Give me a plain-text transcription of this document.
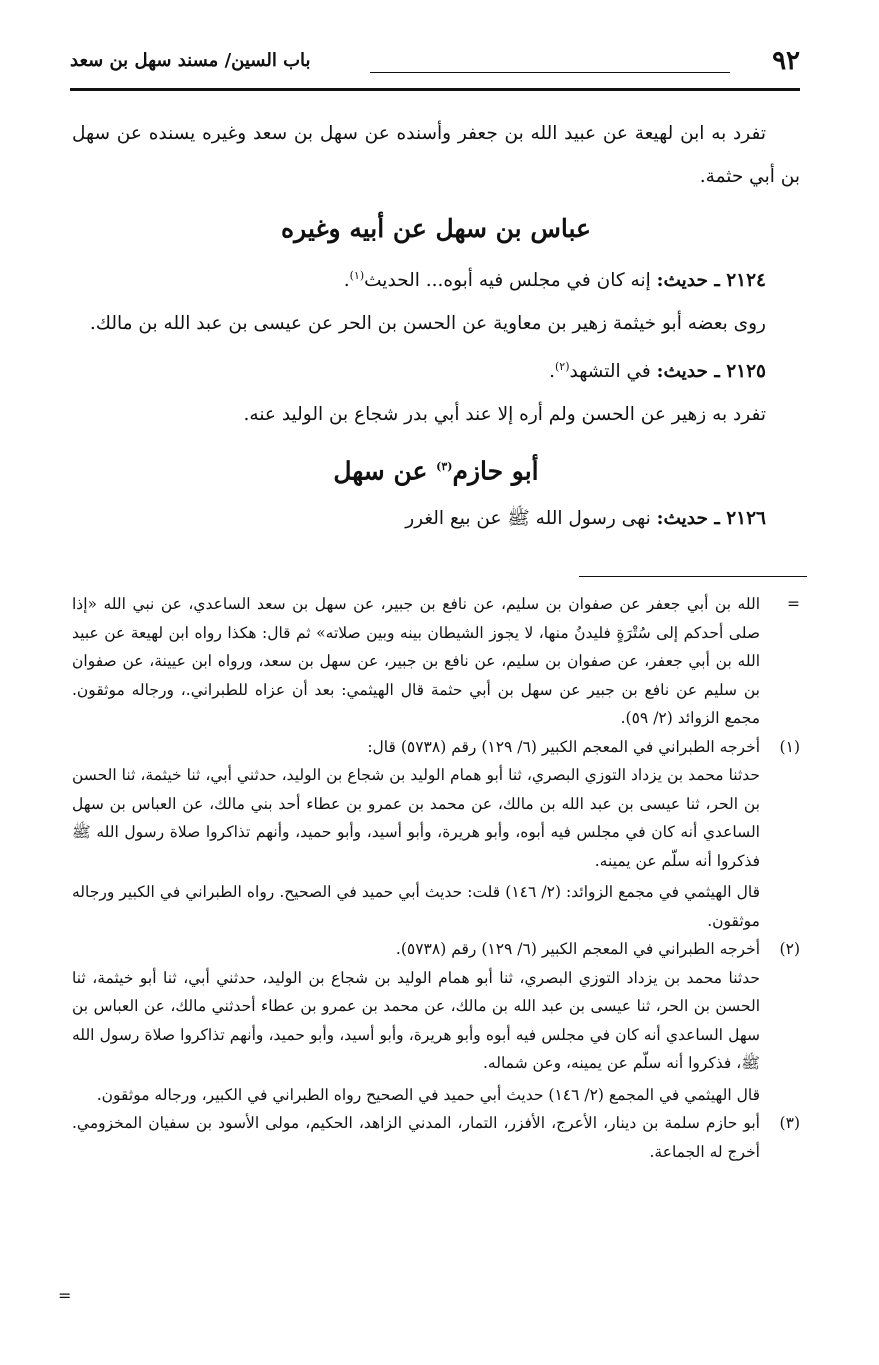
٩٢
باب السين/ مسند سهل بن سعد

تفرد به ابن لهيعة عن عبيد الله بن جعفر وأسنده عن سهل بن سعد وغيره يسنده عن سهل بن أبي حثمة.

عباس بن سهل عن أبيه وغيره

٢١٢٤ ـ حديث: إنه كان في مجلس فيه أبوه... الحديث$^{(١)}$.

روى بعضه أبو خيثمة زهير بن معاوية عن الحسن بن الحر عن عيسى بن عبد الله بن مالك.

٢١٢٥ ـ حديث: في التشهد$^{(٢)}$.

تفرد به زهير عن الحسن ولم أره إلا عند أبي بدر شجاع بن الوليد عنه.

أبو حازم$^{(٣)}$ عن سهل

٢١٢٦ ـ حديث: نهى رسول الله ﷺ عن بيع الغرر

=

الله بن أبي جعفر عن صفوان بن سليم، عن نافع بن جبير، عن سهل بن سعد الساعدي، عن نبي الله «إذا صلى أحدكم إلى سُتْرَةٍ فليدنُ منها، لا يجوز الشيطان بينه وبين صلاته» ثم قال: هكذا رواه ابن لهيعة عن عبيد الله بن أبي جعفر، عن صفوان بن سليم، عن نافع بن جبير، عن سهل بن سعد، ورواه ابن عيينة، عن صفوان بن سليم عن نافع بن جبير عن سهل بن أبي حثمة قال الهيثمي: بعد أن عزاه للطبراني.، ورجاله موثقون. مجمع الزوائد (٢/ ٥٩).

(١)

أخرجه الطبراني في المعجم الكبير (٦/ ١٢٩) رقم (٥٧٣٨) قال:

حدثنا محمد بن يزداد التوزي البصري، ثنا أبو همام الوليد بن شجاع بن الوليد، حدثني أبي، ثنا خيثمة، ثنا الحسن بن الحر، ثنا عيسى بن عبد الله بن مالك، عن محمد بن عمرو بن عطاء أحد بني مالك، عن العباس بن سهل الساعدي أنه كان في مجلس فيه أبوه، وأبو هريرة، وأبو أسيد، وأبو حميد، وأنهم تذاكروا صلاة رسول الله ﷺ فذكروا أنه سلّم عن يمينه.

قال الهيثمي في مجمع الزوائد: (٢/ ١٤٦) قلت: حديث أبي حميد في الصحيح. رواه الطبراني في الكبير ورجاله موثقون.

(٢)

أخرجه الطبراني في المعجم الكبير (٦/ ١٢٩) رقم (٥٧٣٨).

حدثنا محمد بن يزداد التوزي البصري، ثنا أبو همام الوليد بن شجاع بن الوليد، حدثني أبي، ثنا أبو خيثمة، ثنا الحسن بن الحر، ثنا عيسى بن عبد الله بن مالك، عن محمد بن عمرو بن عطاء أحدثني مالك، عن العباس بن سهل الساعدي أنه كان في مجلس فيه أبوه وأبو هريرة، وأبو أسيد، وأبو حميد، وأنهم تذاكروا صلاة رسول الله ﷺ، فذكروا أنه سلّم عن يمينه، وعن شماله.

قال الهيثمي في المجمع (٢/ ١٤٦) حديث أبي حميد في الصحيح رواه الطبراني في الكبير، ورجاله موثقون.

(٣)

أبو حازم سلمة بن دينار، الأعرج، الأفزر، التمار، المدني الزاهد، الحكيم، مولى الأسود بن سفيان المخزومي. أخرج له الجماعة.

=
